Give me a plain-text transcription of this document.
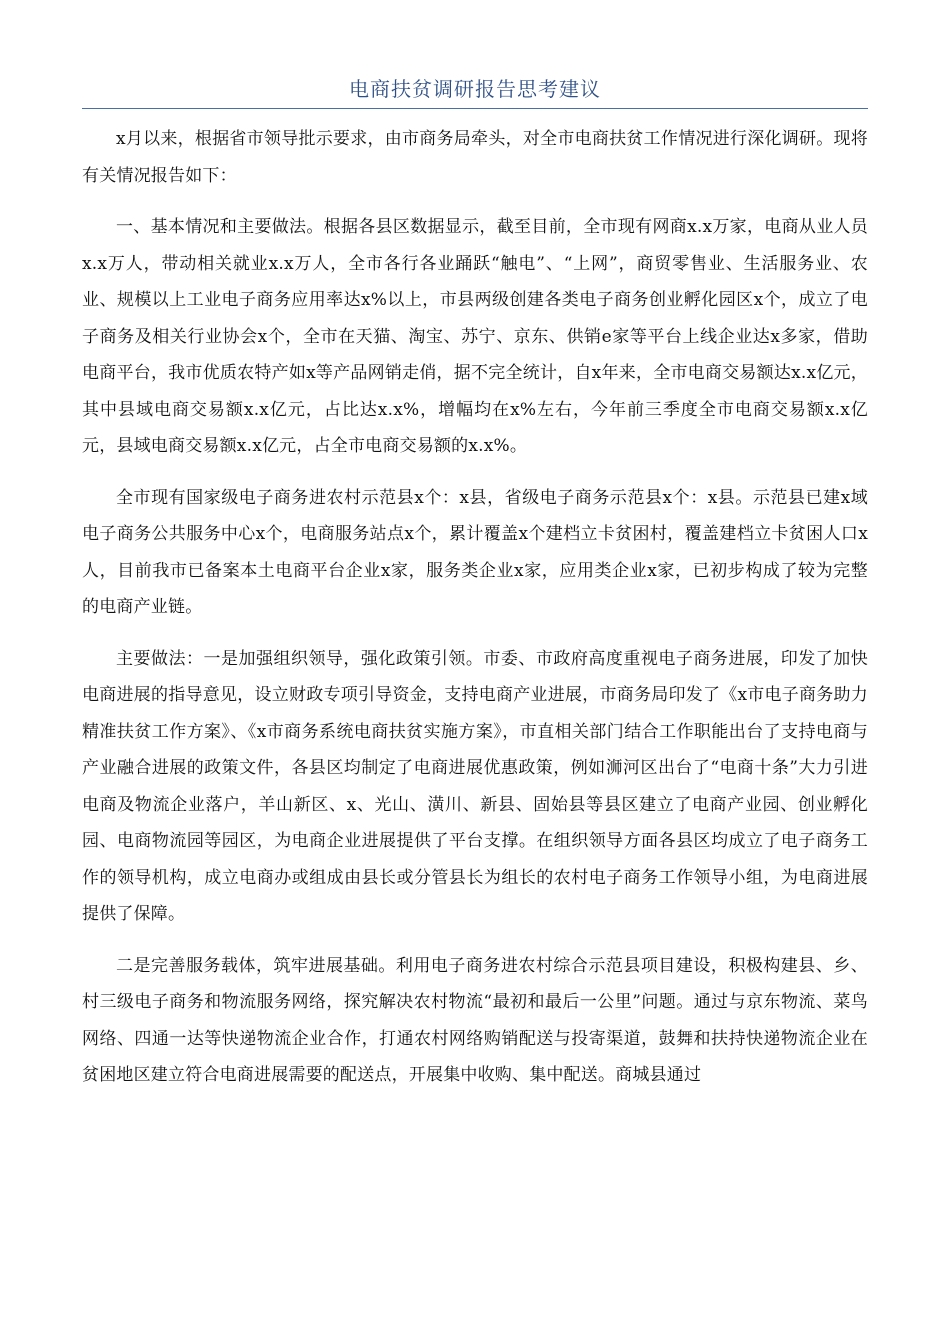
电商扶贫调研报告思考建议

x月以来，根据省市领导批示要求，由市商务局牵头，对全市电商扶贫工作情况进行深化调研。现将有关情况报告如下：

一、基本情况和主要做法。根据各县区数据显示，截至目前，全市现有网商x.x万家，电商从业人员x.x万人，带动相关就业x.x万人，全市各行各业踊跃“触电”、“上网”，商贸零售业、生活服务业、农业、规模以上工业电子商务应用率达x%以上，市县两级创建各类电子商务创业孵化园区x个，成立了电子商务及相关行业协会x个，全市在天猫、淘宝、苏宁、京东、供销e家等平台上线企业达x多家，借助电商平台，我市优质农特产如x等产品网销走俏，据不完全统计，自x年来，全市电商交易额达x.x亿元，其中县域电商交易额x.x亿元，占比达x.x%，增幅均在x%左右，今年前三季度全市电商交易额x.x亿元，县域电商交易额x.x亿元，占全市电商交易额的x.x%。

全市现有国家级电子商务进农村示范县x个：x县，省级电子商务示范县x个：x县。示范县已建x域电子商务公共服务中心x个，电商服务站点x个，累计覆盖x个建档立卡贫困村，覆盖建档立卡贫困人口x人，目前我市已备案本土电商平台企业x家，服务类企业x家，应用类企业x家，已初步构成了较为完整的电商产业链。

主要做法：一是加强组织领导，强化政策引领。市委、市政府高度重视电子商务进展，印发了加快电商进展的指导意见，设立财政专项引导资金，支持电商产业进展，市商务局印发了《x市电子商务助力精准扶贫工作方案》、《x市商务系统电商扶贫实施方案》，市直相关部门结合工作职能出台了支持电商与产业融合进展的政策文件，各县区均制定了电商进展优惠政策，例如浉河区出台了“电商十条”大力引进电商及物流企业落户，羊山新区、x、光山、潢川、新县、固始县等县区建立了电商产业园、创业孵化园、电商物流园等园区，为电商企业进展提供了平台支撑。在组织领导方面各县区均成立了电子商务工作的领导机构，成立电商办或组成由县长或分管县长为组长的农村电子商务工作领导小组，为电商进展提供了保障。

二是完善服务载体，筑牢进展基础。利用电子商务进农村综合示范县项目建设，积极构建县、乡、村三级电子商务和物流服务网络，探究解决农村物流“最初和最后一公里”问题。通过与京东物流、菜鸟网络、四通一达等快递物流企业合作，打通农村网络购销配送与投寄渠道，鼓舞和扶持快递物流企业在贫困地区建立符合电商进展需要的配送点，开展集中收购、集中配送。商城县通过
